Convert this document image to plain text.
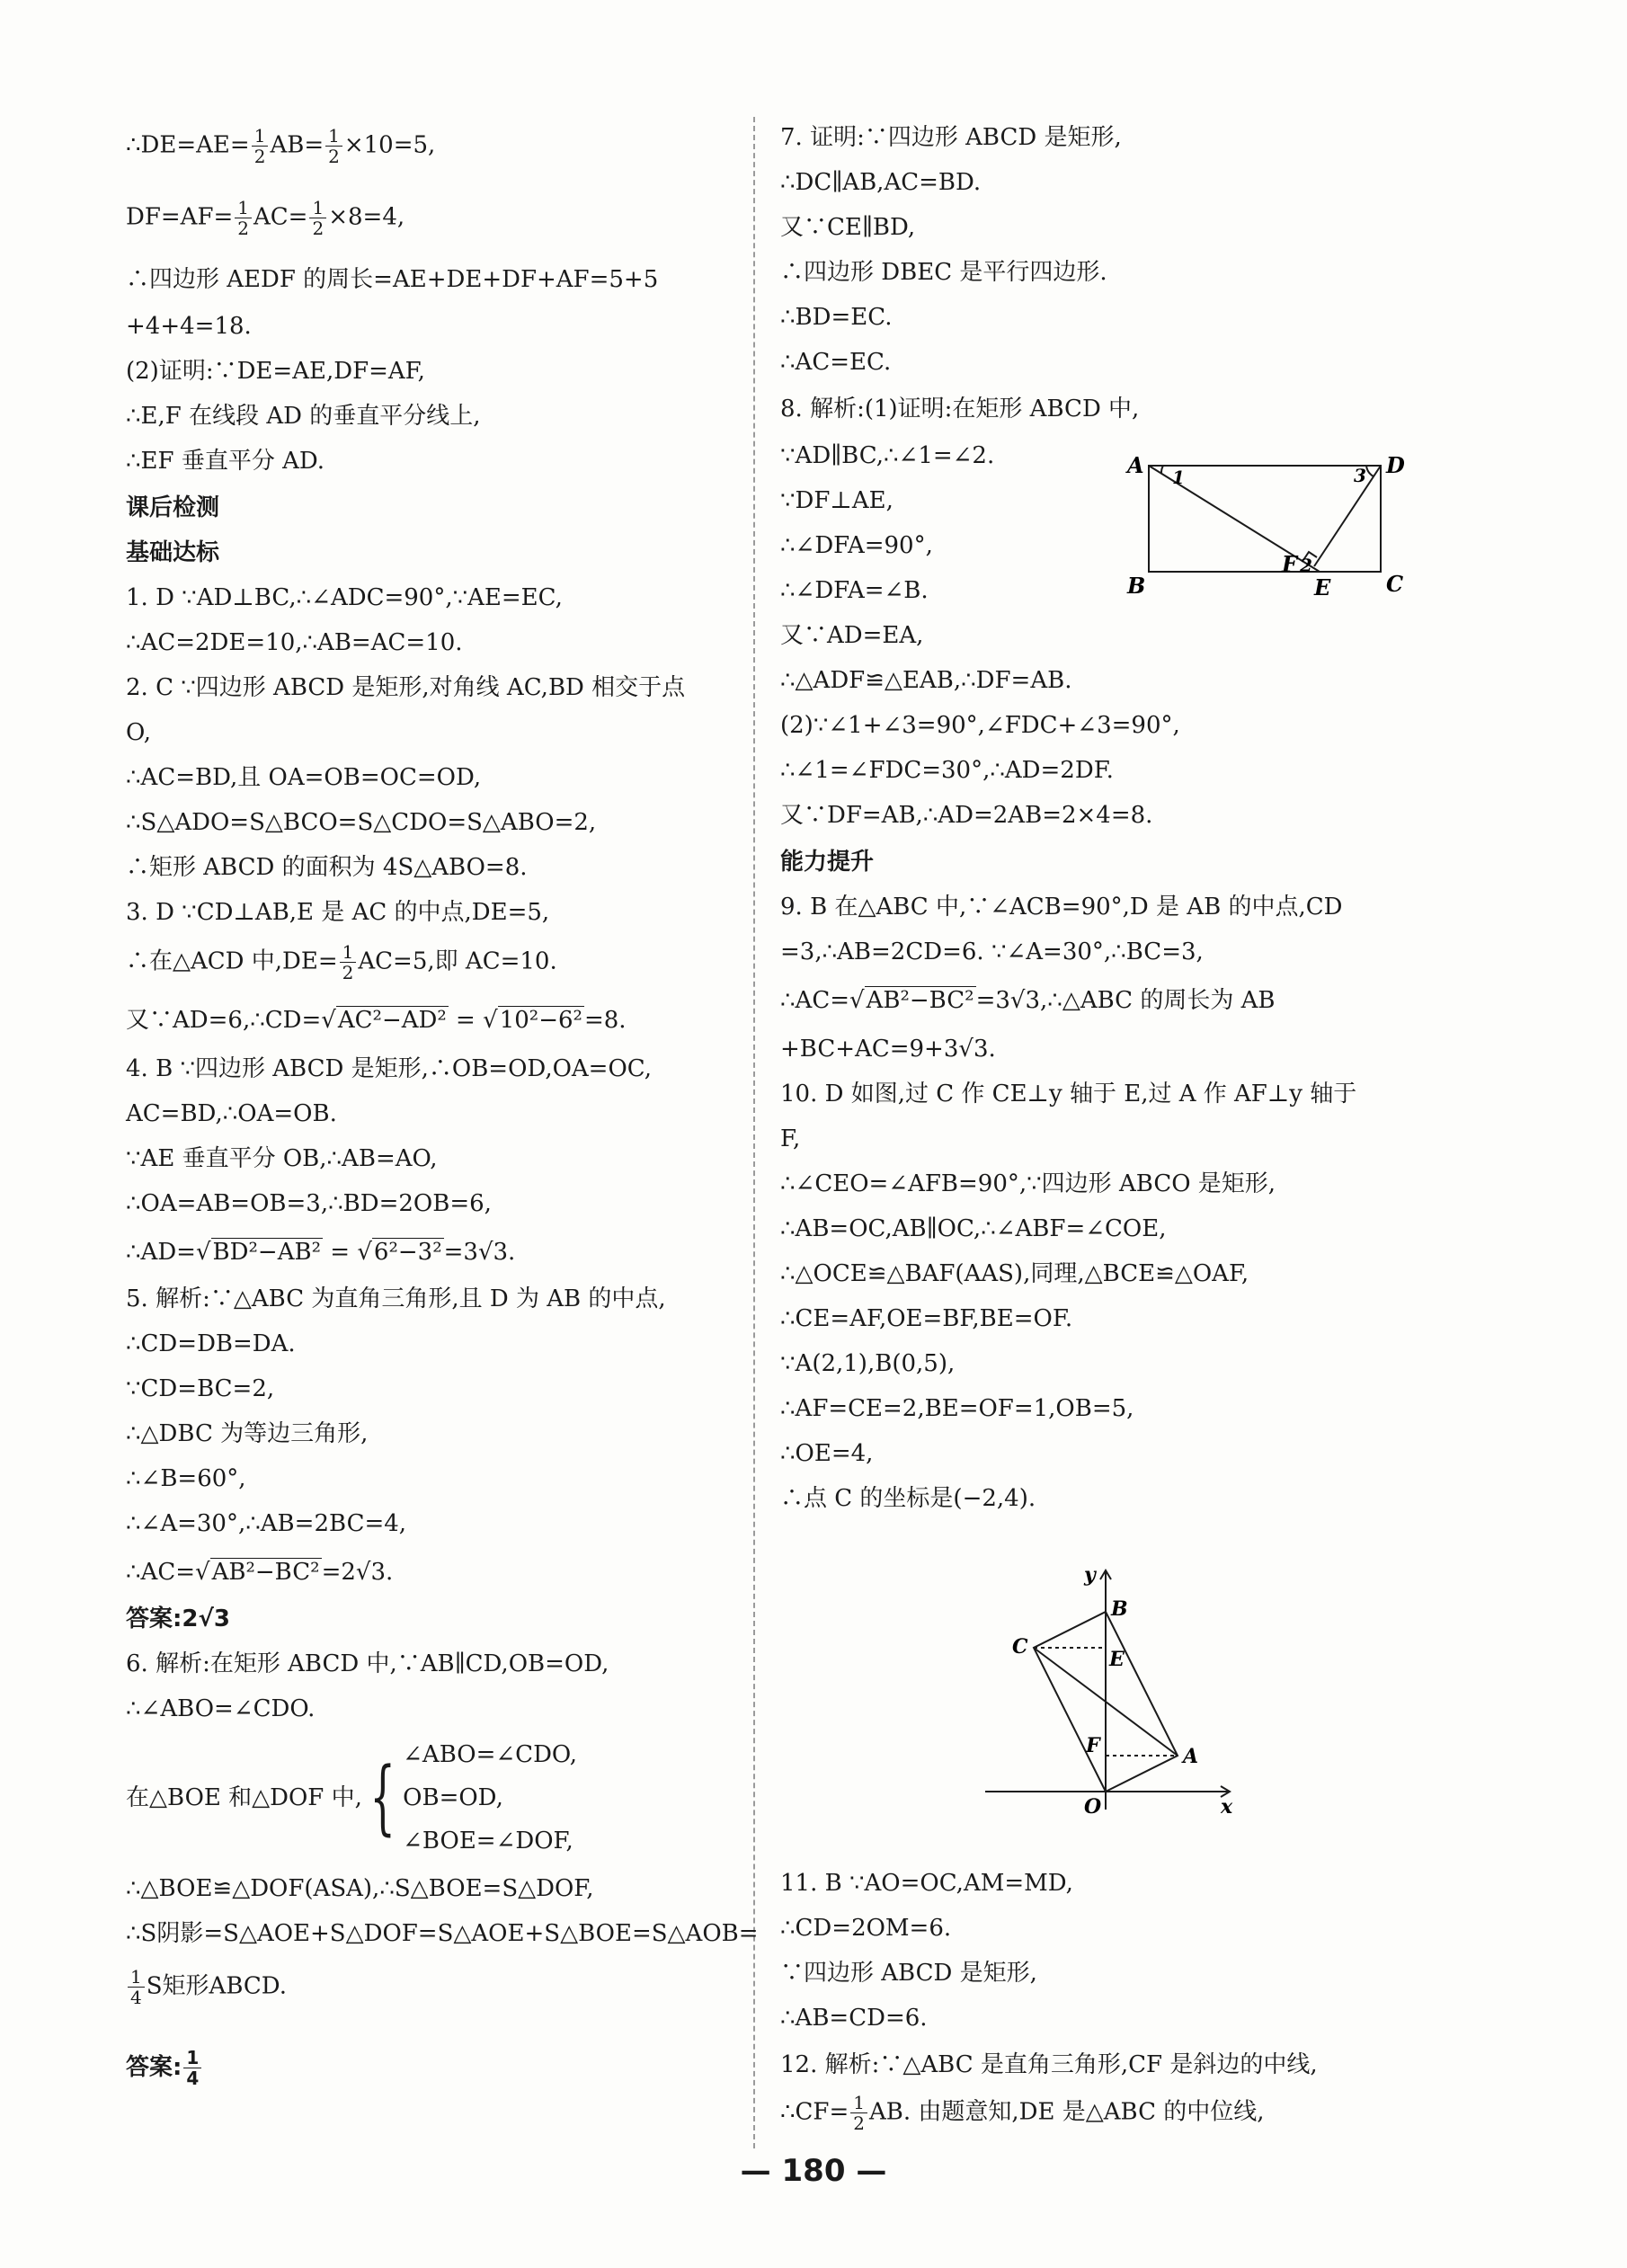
∴DE=AE= $\frac{1}{2} AB= \frac{1}{2} \times 10=5$,
$DF=AF= \frac{1}{2} AC= \frac{1}{2} \times 8=4$,
∴四边形 AEDF 的周长=AE+DE+DF+AF=5+5
+4+4=18.
(2)证明:∵DE=AE,DF=AF,
∴E,F 在线段 AD 的垂直平分线上,
∴EF 垂直平分 AD.
课后检测
基础达标
1. D ∵AD⊥BC,∴∠ADC=90°,∵AE=EC,
∴AC=2DE=10,∴AB=AC=10.
2. C ∵四边形 ABCD 是矩形,对角线 AC,BD 相交于点
O,
∴AC=BD,且 OA=OB=OC=OD,
∴S△ADO=S△BCO=S△CDO=S△ABO=2,
∴矩形 ABCD 的面积为 4S△ABO=8.
3. D ∵CD⊥AB,E 是 AC 的中点,DE=5,
∴在△ACD 中$,DE= \frac{1}{2} AC=5$,即 AC=10.
又∵AD=6,∴CD=√AC²−AD² = √10²−6²=8.
4. B ∵四边形 ABCD 是矩形,∴OB=OD,OA=OC,
AC=BD,∴OA=OB.
∵AE 垂直平分 OB,∴AB=AO,
∴OA=AB=OB=3,∴BD=2OB=6,
∴AD=√BD²−AB² = √6²−3²=3√3.
5. 解析:∵△ABC 为直角三角形,且 D 为 AB 的中点,
∴CD=DB=DA.
∵CD=BC=2,
∴△DBC 为等边三角形,
∴∠B=60°,
∴∠A=30°,∴AB=2BC=4,
∴AC=√AB²−BC²=2√3.
答案:2√3
6. 解析:在矩形 ABCD 中,∵AB∥CD,OB=OD,
∴∠ABO=∠CDO.
在△BOE 和△DOF 中,{ ∠ABO=∠CDO,
OB=OD,
∠BOE=∠DOF,
∴△BOE≌△DOF(ASA),∴S△BOE=S△DOF,
∴S阴影=S△AOE+S△DOF=S△AOE+S△BOE=S△AOB=
$\frac{1}{4}$ S矩形ABCD.
答案: $\frac{1}{4}$
7. 证明:∵四边形 ABCD 是矩形,
∴DC∥AB,AC=BD.
又∵CE∥BD,
∴四边形 DBEC 是平行四边形.
∴BD=EC.
∴AC=EC.
8. 解析:(1)证明:在矩形 ABCD 中,
∵AD∥BC,∴∠1=∠2.
∵DF⊥AE,
∴∠DFA=90°,
∴∠DFA=∠B.
又∵AD=EA,
∴△ADF≌△EAB,∴DF=AB.
(2)∵∠1+∠3=90°,∠FDC+∠3=90°,
∴∠1=∠FDC=30°,∴AD=2DF.
又∵DF=AB,∴AD=2AB=2×4=8.
能力提升
9. B 在△ABC 中,∵∠ACB=90°,D 是 AB 的中点,CD
=3,∴AB=2CD=6. ∵∠A=30°,∴BC=3,
∴AC=√AB²−BC²=3√3,∴△ABC 的周长为 AB
+BC+AC=9+3√3.
10. D 如图,过 C 作 CE⊥y 轴于 E,过 A 作 AF⊥y 轴于
F,
∴∠CEO=∠AFB=90°,∵四边形 ABCO 是矩形,
∴AB=OC,AB∥OC,∴∠ABF=∠COE,
∴△OCE≌△BAF(AAS),同理,△BCE≌△OAF,
∴CE=AF,OE=BF,BE=OF.
∵A(2,1),B(0,5),
∴AF=CE=2,BE=OF=1,OB=5,
∴OE=4,
∴点 C 的坐标是(−2,4).
11. B ∵AO=OC,AM=MD,
∴CD=2OM=6.
∵四边形 ABCD 是矩形,
∴AB=CD=6.
12. 解析:∵△ABC 是直角三角形,CF 是斜边的中线,
∴CF= $\frac{1}{2}$ AB. 由题意知,DE 是△ABC 的中位线,
A	D
B	C
E
F
1
2
3
y
x
B
C
E
F	A
O
— 180 —
